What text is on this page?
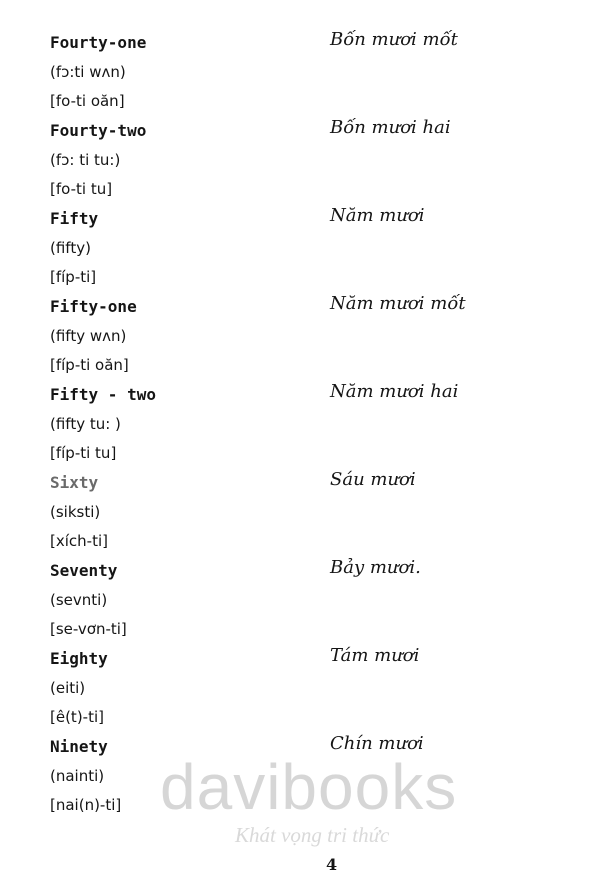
Fourty-one
(fɔ:ti wʌn)
[fo-ti oăn]
Bốn mươi mốt
Fourty-two
(fɔ: ti tu:)
[fo-ti tu]
Bốn mươi hai
Fifty
(fifty)
[fíp-ti]
Năm mươi
Fifty-one
(fifty wʌn)
[fíp-ti oăn]
Năm mươi mốt
Fifty - two
(fifty tu: )
[fíp-ti tu]
Năm mươi hai
Sixty
(siksti)
[xích-ti]
Sáu mươi
Seventy
(sevnti)
[se-vơn-ti]
Bảy mươi.
Eighty
(eiti)
[ê(t)-ti]
Tám mươi
Ninety
(nainti)
[nai(n)-ti]
Chín mươi
davibooks
Khát vọng tri thức
4
